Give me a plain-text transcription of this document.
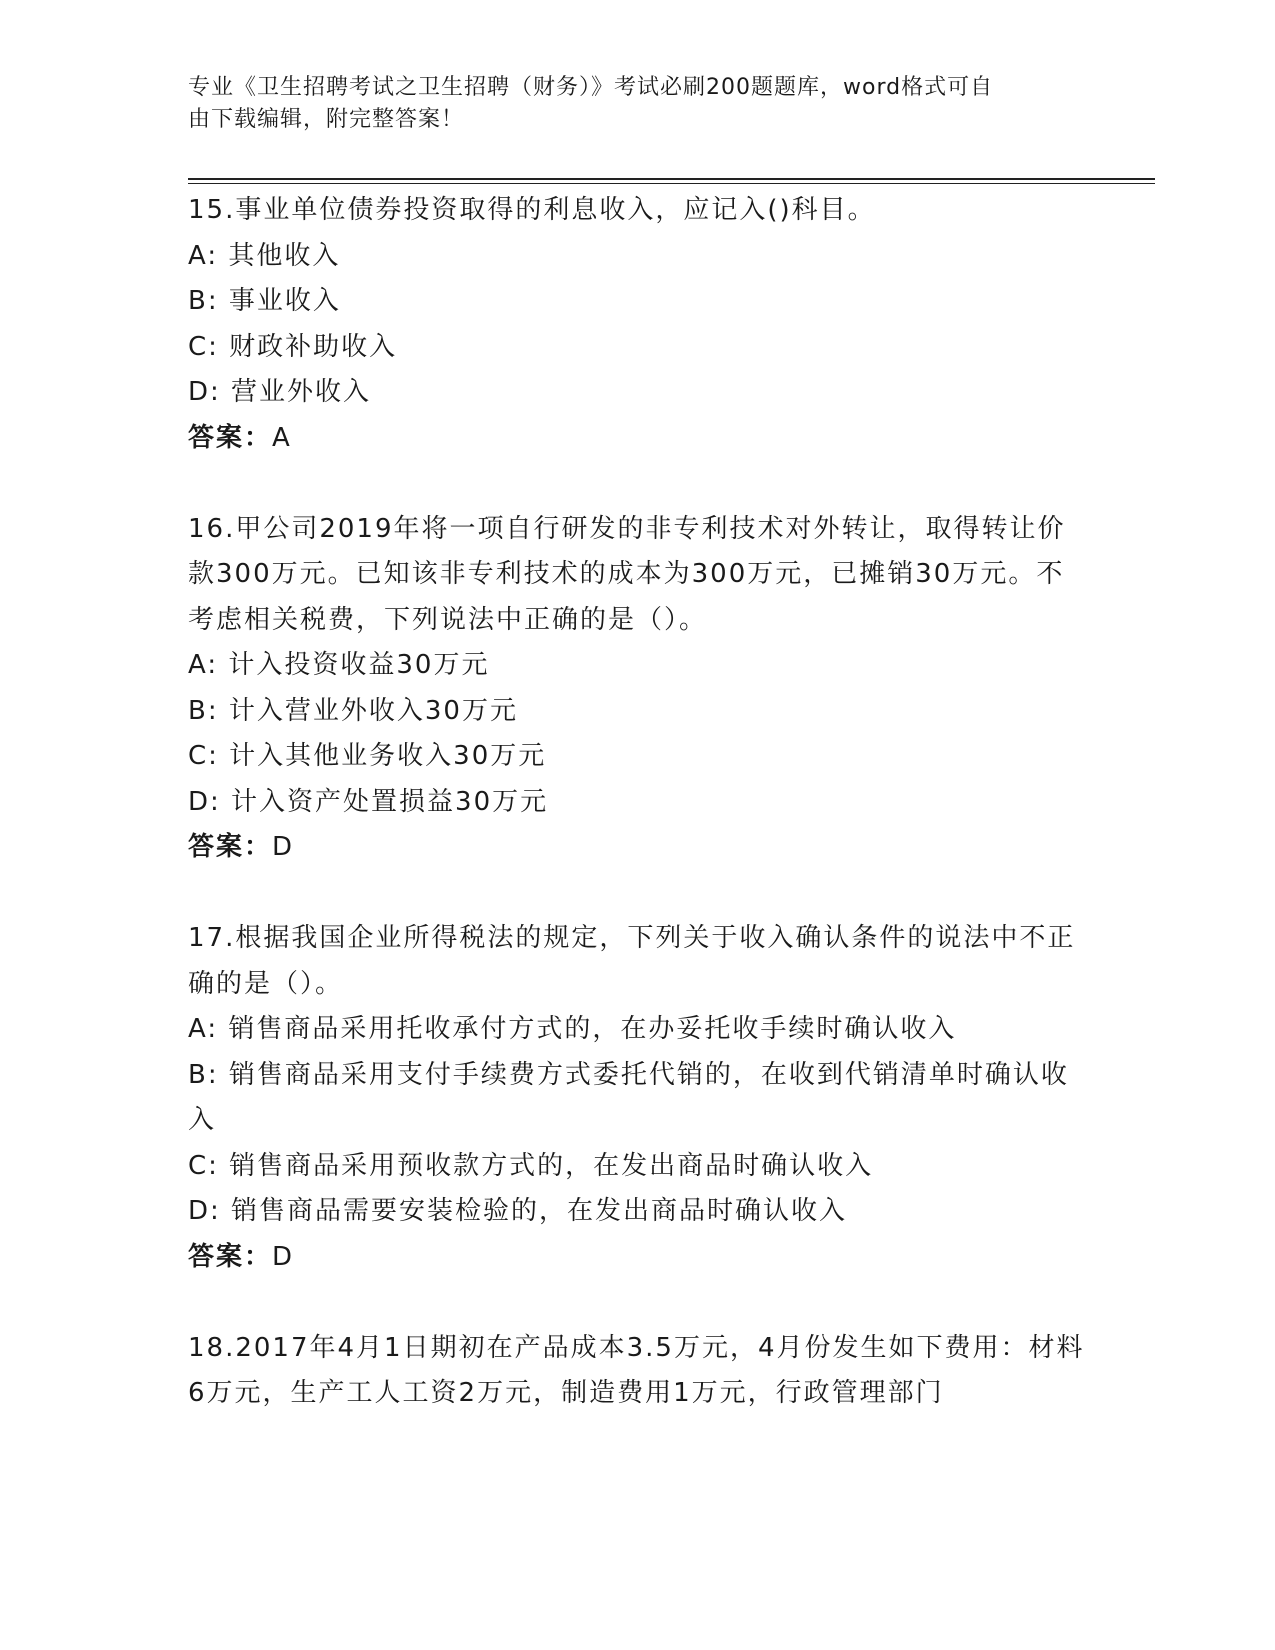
专业《卫生招聘考试之卫生招聘（财务）》考试必刷200题题库，word格式可自
由下载编辑，附完整答案！

15.事业单位债券投资取得的利息收入，应记入()科目。

A: 其他收入

B: 事业收入

C: 财政补助收入

D: 营业外收入

答案：A

16.甲公司2019年将一项自行研发的非专利技术对外转让，取得转让价款300万元。已知该非专利技术的成本为300万元，已摊销30万元。不考虑相关税费，下列说法中正确的是（）。

A: 计入投资收益30万元

B: 计入营业外收入30万元

C: 计入其他业务收入30万元

D: 计入资产处置损益30万元

答案：D

17.根据我国企业所得税法的规定，下列关于收入确认条件的说法中不正确的是（）。

A: 销售商品采用托收承付方式的，在办妥托收手续时确认收入

B: 销售商品采用支付手续费方式委托代销的，在收到代销清单时确认收入

C: 销售商品采用预收款方式的，在发出商品时确认收入

D: 销售商品需要安装检验的，在发出商品时确认收入

答案：D

18.2017年4月1日期初在产品成本3.5万元，4月份发生如下费用：材料6万元，生产工人工资2万元，制造费用1万元，行政管理部门
